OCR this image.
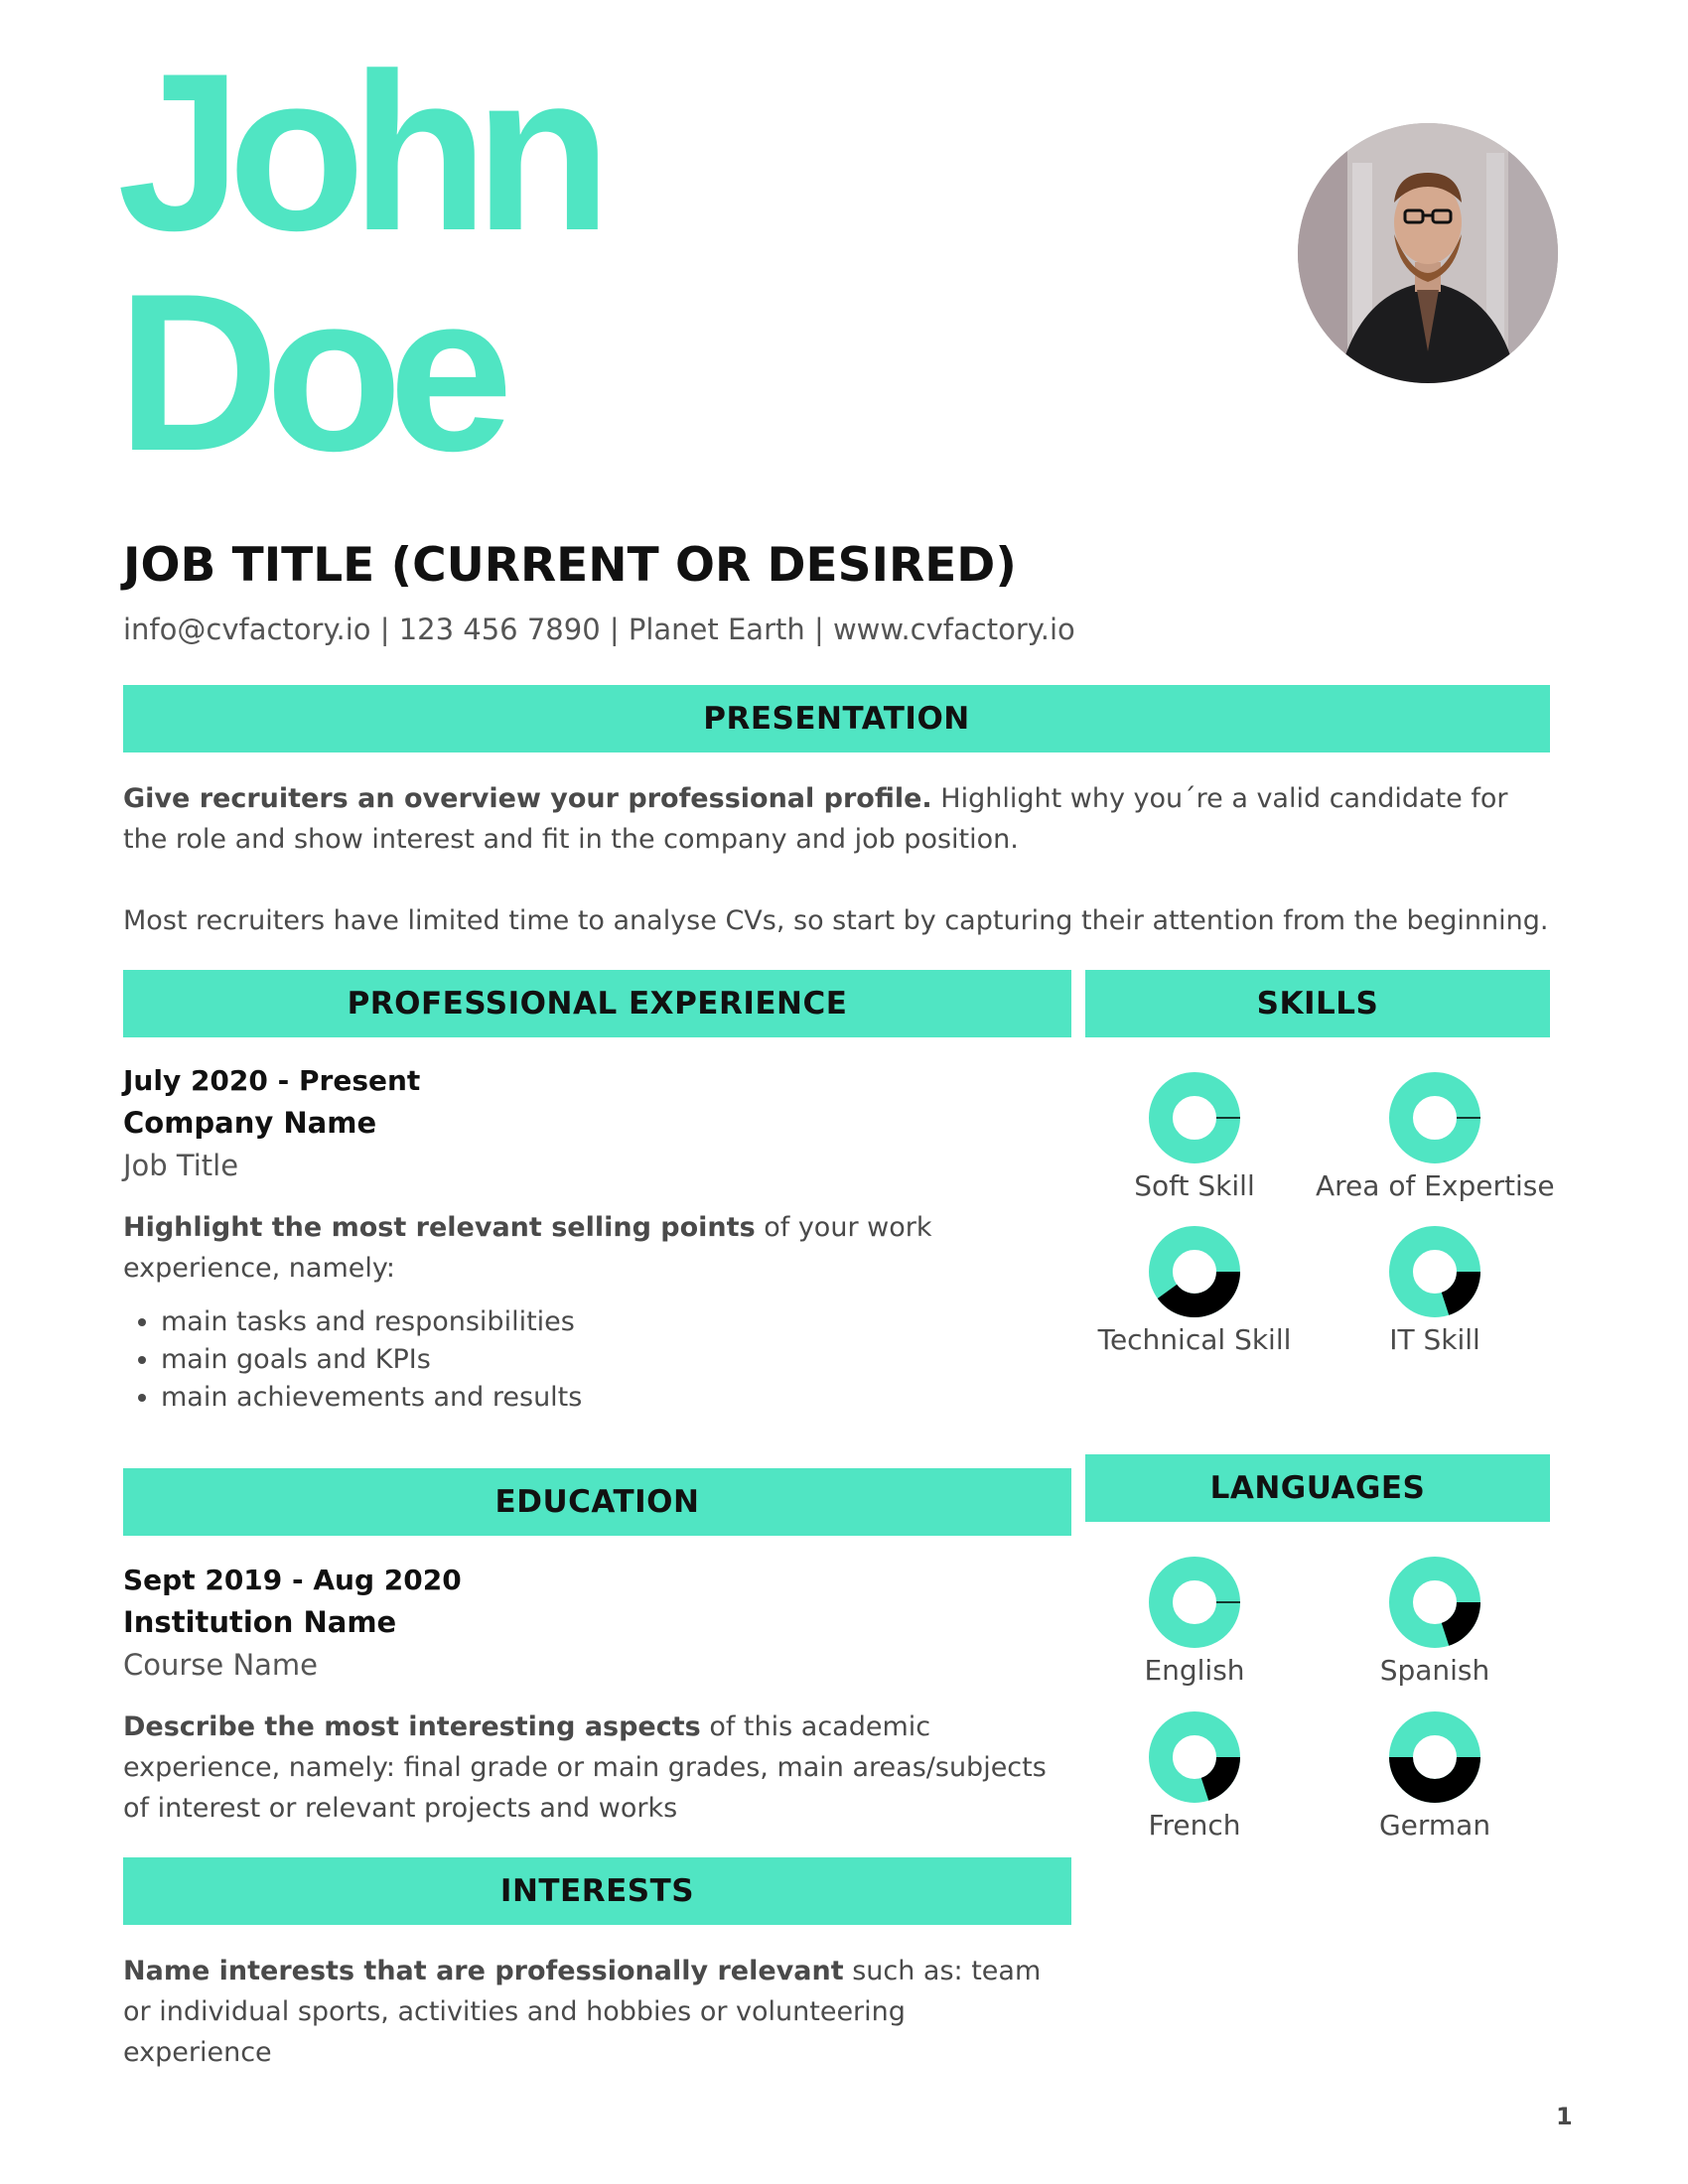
John
Doe
JOB TITLE (CURRENT OR DESIRED)
info@cvfactory.io | 123 456 7890 | Planet Earth | www.cvfactory.io
PRESENTATION

Give recruiters an overview your professional profile. Highlight why you´re a valid candidate for the role and show interest and fit in the company and job position.

Most recruiters have limited time to analyse CVs, so start by capturing their attention from the beginning.

PROFESSIONAL EXPERIENCE
July 2020 - Present
Company Name
Job Title

Highlight the most relevant selling points of your work experience, namely:

• main tasks and responsibilities
• main goals and KPIs
• main achievements and results
EDUCATION
Sept 2019 - Aug 2020
Institution Name
Course Name

Describe the most interesting aspects of this academic experience, namely: final grade or main grades, main areas/subjects of interest or relevant projects and works

INTERESTS

Name interests that are professionally relevant such as: team or individual sports, activities and hobbies or volunteering experience

SKILLS
Soft Skill	Area of Expertise
Technical Skill	IT Skill
LANGUAGES
English	Spanish
French	German
1
